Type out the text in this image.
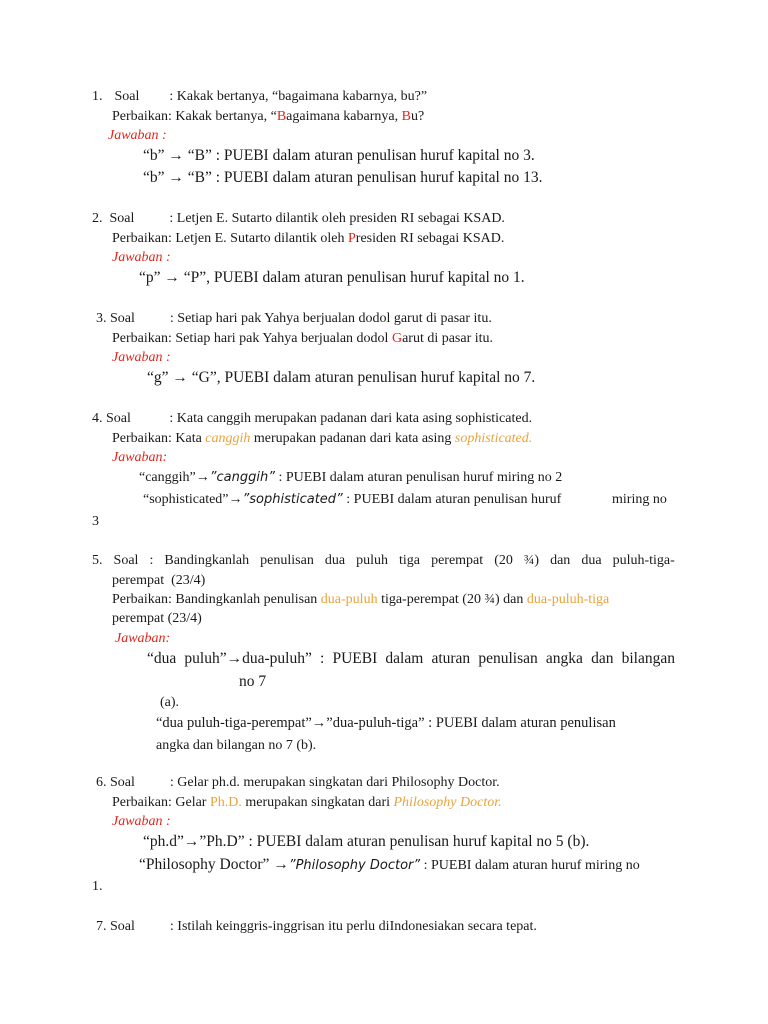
1. Soal : Kakak bertanya, “bagaimana kabarnya, bu?”
Perbaikan: Kakak bertanya, “Bagaimana kabarnya, Bu?
Jawaban :
“b” → “B” : PUEBI dalam aturan penulisan huruf kapital no 3.
“b” → “B” : PUEBI dalam aturan penulisan huruf kapital no 13.
2.  Soal          : Letjen E. Sutarto dilantik oleh presiden RI sebagai KSAD.
Perbaikan: Letjen E. Sutarto dilantik oleh Presiden RI sebagai KSAD.
Jawaban :
“p” → “P”, PUEBI dalam aturan penulisan huruf kapital no 1.
3. Soal          : Setiap hari pak Yahya berjualan dodol garut di pasar itu.
Perbaikan: Setiap hari pak Yahya berjualan dodol Garut di pasar itu.
Jawaban :
“g” → “G”, PUEBI dalam aturan penulisan huruf kapital no 7.
4. Soal           : Kata canggih merupakan padanan dari kata asing sophisticated.
Perbaikan: Kata canggih merupakan padanan dari kata asing sophisticated.
Jawaban:
“canggih”→”canggih” : PUEBI dalam aturan penulisan huruf miring no 2
“sophisticated”→”sophisticated” : PUEBI dalam aturan penulisan huruf	miring no
3
5. Soal : Bandingkanlah penulisan dua puluh tiga perempat (20 ¾) dan dua puluh-tiga-
perempat  (23/4)
Perbaikan: Bandingkanlah penulisan dua-puluh tiga-perempat (20 ¾) dan dua-puluh-tiga
perempat (23/4)
Jawaban:
“dua puluh”→dua-puluh” : PUEBI dalam aturan penulisan angka dan bilangan
no 7
(a).
“dua puluh-tiga-perempat”→”dua-puluh-tiga” : PUEBI dalam aturan penulisan
angka dan bilangan no 7 (b).
6. Soal          : Gelar ph.d. merupakan singkatan dari Philosophy Doctor.
Perbaikan: Gelar Ph.D. merupakan singkatan dari Philosophy Doctor.
Jawaban :
“ph.d”→”Ph.D” : PUEBI dalam aturan penulisan huruf kapital no 5 (b).
“Philosophy Doctor” →”Philosophy Doctor” : PUEBI dalam aturan huruf miring no
1.
7. Soal          : Istilah keinggris-inggrisan itu perlu diIndonesiakan secara tepat.
